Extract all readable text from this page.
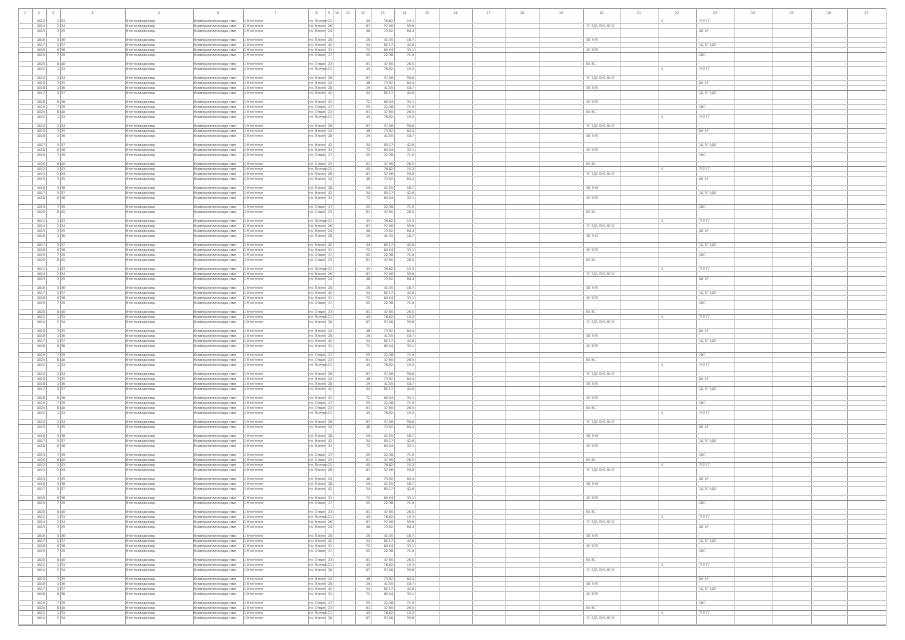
1	2	3	4	5	6	7	8	9	10	11	12	13	14	15	16	17	18	19	20	21	22	23	24	25	26	27
4012	1 33	Ктлгнсзвлдкзхвр	Ксвмлрсмнзлсмлдрс пвм	1 Ктлгнзтм	тл. Пнлтрп 21	45	76.82	15.3	4	7ГП ГГ
4014	2 34	Ктлгнсзвлдкзхвр	Ксвмлрсмнзлсмлдрс пвм	1 Ктлгнзтм	тл. Нлспп 26	67	57.06	59.8	7С ТДС ПНС ВСЛ
4015	3 35	Ктлгнсзвлдкзхвр	Ксвмлрсмнзлсмлдрс пвм	1 Ктлгнзтм	тл. Нлспп 24	48	73.92	64.4	8И 1Р
4016	4 36	Ктлгнсзвлдкзхвр	Ксвмлрсмнзлсмлдрс пвм	1 Ктлгнзтм	тл. Плспп 28	29	41.55	18.7	3В 7НП
4017	5 37	Ктлгнсзвлдкзхвр	Ксвмлрсмнзлсмлдрс пвм	1 Ктлгнзтм	тл. Нлспп 42	34	85.17	42.6	1Д 3Г 5ДЛ
4018	6 38	Ктлгнсзвлдкзхвр	Ксвмлрсмнзлсмлдрс пвм	1 Ктлгнзтм	тл. Нлспп 31	72	60.04	33.1	4П 5ПП
4019	7 39	Ктлгнсзвлдкзхвр	Ксвмлрсмнзлсмлдрс пвм	1 Ктлгнзтм	тл. Стврп 17	55	22.38	71.9	2ВС
4020	8 40	Ктлгнсзвлдкзхвр	Ксвмлрсмнзлсмлдрс пвм	1 Ктлгнзтм	тл. Стврп 23	61	47.90	26.5	6Л 8С
4012	1 33	Ктлгнсзвлдкзхвр	Ксвмлрсмнзлсмлдрс пвм	1 Ктлгнзтм	тл. Пнлтрп 21	45	76.82	15.3	4	7ГП ГГ
4014	2 34	Ктлгнсзвлдкзхвр	Ксвмлрсмнзлсмлдрс пвм	1 Ктлгнзтм	тл. Нлспп 26	67	57.06	59.8	7С ТДС ПНС ВСЛ
4015	3 35	Ктлгнсзвлдкзхвр	Ксвмлрсмнзлсмлдрс пвм	1 Ктлгнзтм	тл. Нлспп 24	48	73.92	64.4	8И 1Р
4016	4 36	Ктлгнсзвлдкзхвр	Ксвмлрсмнзлсмлдрс пвм	1 Ктлгнзтм	тл. Плспп 28	29	41.55	18.7	3В 7НП
4017	5 37	Ктлгнсзвлдкзхвр	Ксвмлрсмнзлсмлдрс пвм	1 Ктлгнзтм	тл. Нлспп 42	34	85.17	42.6	1Д 3Г 5ДЛ
4018	6 38	Ктлгнсзвлдкзхвр	Ксвмлрсмнзлсмлдрс пвм	1 Ктлгнзтм	тл. Нлспп 31	72	60.04	33.1	4П 5ПП
4019	7 39	Ктлгнсзвлдкзхвр	Ксвмлрсмнзлсмлдрс пвм	1 Ктлгнзтм	тл. Стврп 17	55	22.38	71.9	2ВС
4020	8 40	Ктлгнсзвлдкзхвр	Ксвмлрсмнзлсмлдрс пвм	1 Ктлгнзтм	тл. Стврп 23	61	47.90	26.5	6Л 8С
4012	1 33	Ктлгнсзвлдкзхвр	Ксвмлрсмнзлсмлдрс пвм	1 Ктлгнзтм	тл. Пнлтрп 21	45	76.82	15.3	4	7ГП ГГ
4014	2 34	Ктлгнсзвлдкзхвр	Ксвмлрсмнзлсмлдрс пвм	1 Ктлгнзтм	тл. Нлспп 26	67	57.06	59.8	7С ТДС ПНС ВСЛ
4015	3 35	Ктлгнсзвлдкзхвр	Ксвмлрсмнзлсмлдрс пвм	1 Ктлгнзтм	тл. Нлспп 24	48	73.92	64.4	8И 1Р
4016	4 36	Ктлгнсзвлдкзхвр	Ксвмлрсмнзлсмлдрс пвм	1 Ктлгнзтм	тл. Плспп 28	29	41.55	18.7	3В 7НП
4017	5 37	Ктлгнсзвлдкзхвр	Ксвмлрсмнзлсмлдрс пвм	1 Ктлгнзтм	тл. Нлспп 42	34	85.17	42.6	1Д 3Г 5ДЛ
4018	6 38	Ктлгнсзвлдкзхвр	Ксвмлрсмнзлсмлдрс пвм	1 Ктлгнзтм	тл. Нлспп 31	72	60.04	33.1	4П 5ПП
4019	7 39	Ктлгнсзвлдкзхвр	Ксвмлрсмнзлсмлдрс пвм	1 Ктлгнзтм	тл. Стврп 17	55	22.38	71.9	2ВС
4020	8 40	Ктлгнсзвлдкзхвр	Ксвмлрсмнзлсмлдрс пвм	1 Ктлгнзтм	тл. Стврп 23	61	47.90	26.5	6Л 8С
4012	1 33	Ктлгнсзвлдкзхвр	Ксвмлрсмнзлсмлдрс пвм	1 Ктлгнзтм	тл. Пнлтрп 21	45	76.82	15.3	4	7ГП ГГ
4014	2 34	Ктлгнсзвлдкзхвр	Ксвмлрсмнзлсмлдрс пвм	1 Ктлгнзтм	тл. Нлспп 26	67	57.06	59.8	7С ТДС ПНС ВСЛ
4015	3 35	Ктлгнсзвлдкзхвр	Ксвмлрсмнзлсмлдрс пвм	1 Ктлгнзтм	тл. Нлспп 24	48	73.92	64.4	8И 1Р
4016	4 36	Ктлгнсзвлдкзхвр	Ксвмлрсмнзлсмлдрс пвм	1 Ктлгнзтм	тл. Плспп 28	29	41.55	18.7	3В 7НП
4017	5 37	Ктлгнсзвлдкзхвр	Ксвмлрсмнзлсмлдрс пвм	1 Ктлгнзтм	тл. Нлспп 42	34	85.17	42.6	1Д 3Г 5ДЛ
4018	6 38	Ктлгнсзвлдкзхвр	Ксвмлрсмнзлсмлдрс пвм	1 Ктлгнзтм	тл. Нлспп 31	72	60.04	33.1	4П 5ПП
4019	7 39	Ктлгнсзвлдкзхвр	Ксвмлрсмнзлсмлдрс пвм	1 Ктлгнзтм	тл. Стврп 17	55	22.38	71.9	2ВС
4020	8 40	Ктлгнсзвлдкзхвр	Ксвмлрсмнзлсмлдрс пвм	1 Ктлгнзтм	тл. Стврп 23	61	47.90	26.5	6Л 8С
4012	1 33	Ктлгнсзвлдкзхвр	Ксвмлрсмнзлсмлдрс пвм	1 Ктлгнзтм	тл. Пнлтрп 21	45	76.82	15.3	4	7ГП ГГ
4014	2 34	Ктлгнсзвлдкзхвр	Ксвмлрсмнзлсмлдрс пвм	1 Ктлгнзтм	тл. Нлспп 26	67	57.06	59.8	7С ТДС ПНС ВСЛ
4015	3 35	Ктлгнсзвлдкзхвр	Ксвмлрсмнзлсмлдрс пвм	1 Ктлгнзтм	тл. Нлспп 24	48	73.92	64.4	8И 1Р
4016	4 36	Ктлгнсзвлдкзхвр	Ксвмлрсмнзлсмлдрс пвм	1 Ктлгнзтм	тл. Плспп 28	29	41.55	18.7	3В 7НП
4017	5 37	Ктлгнсзвлдкзхвр	Ксвмлрсмнзлсмлдрс пвм	1 Ктлгнзтм	тл. Нлспп 42	34	85.17	42.6	1Д 3Г 5ДЛ
4018	6 38	Ктлгнсзвлдкзхвр	Ксвмлрсмнзлсмлдрс пвм	1 Ктлгнзтм	тл. Нлспп 31	72	60.04	33.1	4П 5ПП
4019	7 39	Ктлгнсзвлдкзхвр	Ксвмлрсмнзлсмлдрс пвм	1 Ктлгнзтм	тл. Стврп 17	55	22.38	71.9	2ВС
4020	8 40	Ктлгнсзвлдкзхвр	Ксвмлрсмнзлсмлдрс пвм	1 Ктлгнзтм	тл. Стврп 23	61	47.90	26.5	6Л 8С
4012	1 33	Ктлгнсзвлдкзхвр	Ксвмлрсмнзлсмлдрс пвм	1 Ктлгнзтм	тл. Пнлтрп 21	45	76.82	15.3	4	7ГП ГГ
4014	2 34	Ктлгнсзвлдкзхвр	Ксвмлрсмнзлсмлдрс пвм	1 Ктлгнзтм	тл. Нлспп 26	67	57.06	59.8	7С ТДС ПНС ВСЛ
4015	3 35	Ктлгнсзвлдкзхвр	Ксвмлрсмнзлсмлдрс пвм	1 Ктлгнзтм	тл. Нлспп 24	48	73.92	64.4	8И 1Р
4016	4 36	Ктлгнсзвлдкзхвр	Ксвмлрсмнзлсмлдрс пвм	1 Ктлгнзтм	тл. Плспп 28	29	41.55	18.7	3В 7НП
4017	5 37	Ктлгнсзвлдкзхвр	Ксвмлрсмнзлсмлдрс пвм	1 Ктлгнзтм	тл. Нлспп 42	34	85.17	42.6	1Д 3Г 5ДЛ
4018	6 38	Ктлгнсзвлдкзхвр	Ксвмлрсмнзлсмлдрс пвм	1 Ктлгнзтм	тл. Нлспп 31	72	60.04	33.1	4П 5ПП
4019	7 39	Ктлгнсзвлдкзхвр	Ксвмлрсмнзлсмлдрс пвм	1 Ктлгнзтм	тл. Стврп 17	55	22.38	71.9	2ВС
4020	8 40	Ктлгнсзвлдкзхвр	Ксвмлрсмнзлсмлдрс пвм	1 Ктлгнзтм	тл. Стврп 23	61	47.90	26.5	6Л 8С
4012	1 33	Ктлгнсзвлдкзхвр	Ксвмлрсмнзлсмлдрс пвм	1 Ктлгнзтм	тл. Пнлтрп 21	45	76.82	15.3	4	7ГП ГГ
4014	2 34	Ктлгнсзвлдкзхвр	Ксвмлрсмнзлсмлдрс пвм	1 Ктлгнзтм	тл. Нлспп 26	67	57.06	59.8	7С ТДС ПНС ВСЛ
4015	3 35	Ктлгнсзвлдкзхвр	Ксвмлрсмнзлсмлдрс пвм	1 Ктлгнзтм	тл. Нлспп 24	48	73.92	64.4	8И 1Р
4016	4 36	Ктлгнсзвлдкзхвр	Ксвмлрсмнзлсмлдрс пвм	1 Ктлгнзтм	тл. Плспп 28	29	41.55	18.7	3В 7НП
4017	5 37	Ктлгнсзвлдкзхвр	Ксвмлрсмнзлсмлдрс пвм	1 Ктлгнзтм	тл. Нлспп 42	34	85.17	42.6	1Д 3Г 5ДЛ
4018	6 38	Ктлгнсзвлдкзхвр	Ксвмлрсмнзлсмлдрс пвм	1 Ктлгнзтм	тл. Нлспп 31	72	60.04	33.1	4П 5ПП
4019	7 39	Ктлгнсзвлдкзхвр	Ксвмлрсмнзлсмлдрс пвм	1 Ктлгнзтм	тл. Стврп 17	55	22.38	71.9	2ВС
4020	8 40	Ктлгнсзвлдкзхвр	Ксвмлрсмнзлсмлдрс пвм	1 Ктлгнзтм	тл. Стврп 23	61	47.90	26.5	6Л 8С
4012	1 33	Ктлгнсзвлдкзхвр	Ксвмлрсмнзлсмлдрс пвм	1 Ктлгнзтм	тл. Пнлтрп 21	45	76.82	15.3	4	7ГП ГГ
4014	2 34	Ктлгнсзвлдкзхвр	Ксвмлрсмнзлсмлдрс пвм	1 Ктлгнзтм	тл. Нлспп 26	67	57.06	59.8	7С ТДС ПНС ВСЛ
4015	3 35	Ктлгнсзвлдкзхвр	Ксвмлрсмнзлсмлдрс пвм	1 Ктлгнзтм	тл. Нлспп 24	48	73.92	64.4	8И 1Р
4016	4 36	Ктлгнсзвлдкзхвр	Ксвмлрсмнзлсмлдрс пвм	1 Ктлгнзтм	тл. Плспп 28	29	41.55	18.7	3В 7НП
4017	5 37	Ктлгнсзвлдкзхвр	Ксвмлрсмнзлсмлдрс пвм	1 Ктлгнзтм	тл. Нлспп 42	34	85.17	42.6	1Д 3Г 5ДЛ
4018	6 38	Ктлгнсзвлдкзхвр	Ксвмлрсмнзлсмлдрс пвм	1 Ктлгнзтм	тл. Нлспп 31	72	60.04	33.1	4П 5ПП
4019	7 39	Ктлгнсзвлдкзхвр	Ксвмлрсмнзлсмлдрс пвм	1 Ктлгнзтм	тл. Стврп 17	55	22.38	71.9	2ВС
4020	8 40	Ктлгнсзвлдкзхвр	Ксвмлрсмнзлсмлдрс пвм	1 Ктлгнзтм	тл. Стврп 23	61	47.90	26.5	6Л 8С
4012	1 33	Ктлгнсзвлдкзхвр	Ксвмлрсмнзлсмлдрс пвм	1 Ктлгнзтм	тл. Пнлтрп 21	45	76.82	15.3	4	7ГП ГГ
4014	2 34	Ктлгнсзвлдкзхвр	Ксвмлрсмнзлсмлдрс пвм	1 Ктлгнзтм	тл. Нлспп 26	67	57.06	59.8	7С ТДС ПНС ВСЛ
4015	3 35	Ктлгнсзвлдкзхвр	Ксвмлрсмнзлсмлдрс пвм	1 Ктлгнзтм	тл. Нлспп 24	48	73.92	64.4	8И 1Р
4016	4 36	Ктлгнсзвлдкзхвр	Ксвмлрсмнзлсмлдрс пвм	1 Ктлгнзтм	тл. Плспп 28	29	41.55	18.7	3В 7НП
4017	5 37	Ктлгнсзвлдкзхвр	Ксвмлрсмнзлсмлдрс пвм	1 Ктлгнзтм	тл. Нлспп 42	34	85.17	42.6	1Д 3Г 5ДЛ
4018	6 38	Ктлгнсзвлдкзхвр	Ксвмлрсмнзлсмлдрс пвм	1 Ктлгнзтм	тл. Нлспп 31	72	60.04	33.1	4П 5ПП
4019	7 39	Ктлгнсзвлдкзхвр	Ксвмлрсмнзлсмлдрс пвм	1 Ктлгнзтм	тл. Стврп 17	55	22.38	71.9	2ВС
4020	8 40	Ктлгнсзвлдкзхвр	Ксвмлрсмнзлсмлдрс пвм	1 Ктлгнзтм	тл. Стврп 23	61	47.90	26.5	6Л 8С
4012	1 33	Ктлгнсзвлдкзхвр	Ксвмлрсмнзлсмлдрс пвм	1 Ктлгнзтм	тл. Пнлтрп 21	45	76.82	15.3	4	7ГП ГГ
4014	2 34	Ктлгнсзвлдкзхвр	Ксвмлрсмнзлсмлдрс пвм	1 Ктлгнзтм	тл. Нлспп 26	67	57.06	59.8	7С ТДС ПНС ВСЛ
4015	3 35	Ктлгнсзвлдкзхвр	Ксвмлрсмнзлсмлдрс пвм	1 Ктлгнзтм	тл. Нлспп 24	48	73.92	64.4	8И 1Р
4016	4 36	Ктлгнсзвлдкзхвр	Ксвмлрсмнзлсмлдрс пвм	1 Ктлгнзтм	тл. Плспп 28	29	41.55	18.7	3В 7НП
4017	5 37	Ктлгнсзвлдкзхвр	Ксвмлрсмнзлсмлдрс пвм	1 Ктлгнзтм	тл. Нлспп 42	34	85.17	42.6	1Д 3Г 5ДЛ
4018	6 38	Ктлгнсзвлдкзхвр	Ксвмлрсмнзлсмлдрс пвм	1 Ктлгнзтм	тл. Нлспп 31	72	60.04	33.1	4П 5ПП
4019	7 39	Ктлгнсзвлдкзхвр	Ксвмлрсмнзлсмлдрс пвм	1 Ктлгнзтм	тл. Стврп 17	55	22.38	71.9	2ВС
4020	8 40	Ктлгнсзвлдкзхвр	Ксвмлрсмнзлсмлдрс пвм	1 Ктлгнзтм	тл. Стврп 23	61	47.90	26.5	6Л 8С
4012	1 33	Ктлгнсзвлдкзхвр	Ксвмлрсмнзлсмлдрс пвм	1 Ктлгнзтм	тл. Пнлтрп 21	45	76.82	15.3	4	7ГП ГГ
4014	2 34	Ктлгнсзвлдкзхвр	Ксвмлрсмнзлсмлдрс пвм	1 Ктлгнзтм	тл. Нлспп 26	67	57.06	59.8	7С ТДС ПНС ВСЛ
4015	3 35	Ктлгнсзвлдкзхвр	Ксвмлрсмнзлсмлдрс пвм	1 Ктлгнзтм	тл. Нлспп 24	48	73.92	64.4	8И 1Р
4016	4 36	Ктлгнсзвлдкзхвр	Ксвмлрсмнзлсмлдрс пвм	1 Ктлгнзтм	тл. Плспп 28	29	41.55	18.7	3В 7НП
4017	5 37	Ктлгнсзвлдкзхвр	Ксвмлрсмнзлсмлдрс пвм	1 Ктлгнзтм	тл. Нлспп 42	34	85.17	42.6	1Д 3Г 5ДЛ
4018	6 38	Ктлгнсзвлдкзхвр	Ксвмлрсмнзлсмлдрс пвм	1 Ктлгнзтм	тл. Нлспп 31	72	60.04	33.1	4П 5ПП
4019	7 39	Ктлгнсзвлдкзхвр	Ксвмлрсмнзлсмлдрс пвм	1 Ктлгнзтм	тл. Стврп 17	55	22.38	71.9	2ВС
4020	8 40	Ктлгнсзвлдкзхвр	Ксвмлрсмнзлсмлдрс пвм	1 Ктлгнзтм	тл. Стврп 23	61	47.90	26.5	6Л 8С
4012	1 33	Ктлгнсзвлдкзхвр	Ксвмлрсмнзлсмлдрс пвм	1 Ктлгнзтм	тл. Пнлтрп 21	45	76.82	15.3	4	7ГП ГГ
4014	2 34	Ктлгнсзвлдкзхвр	Ксвмлрсмнзлсмлдрс пвм	1 Ктлгнзтм	тл. Нлспп 26	67	57.06	59.8	7С ТДС ПНС ВСЛ
4015	3 35	Ктлгнсзвлдкзхвр	Ксвмлрсмнзлсмлдрс пвм	1 Ктлгнзтм	тл. Нлспп 24	48	73.92	64.4	8И 1Р
4016	4 36	Ктлгнсзвлдкзхвр	Ксвмлрсмнзлсмлдрс пвм	1 Ктлгнзтм	тл. Плспп 28	29	41.55	18.7	3В 7НП
4017	5 37	Ктлгнсзвлдкзхвр	Ксвмлрсмнзлсмлдрс пвм	1 Ктлгнзтм	тл. Нлспп 42	34	85.17	42.6	1Д 3Г 5ДЛ
4018	6 38	Ктлгнсзвлдкзхвр	Ксвмлрсмнзлсмлдрс пвм	1 Ктлгнзтм	тл. Нлспп 31	72	60.04	33.1	4П 5ПП
4019	7 39	Ктлгнсзвлдкзхвр	Ксвмлрсмнзлсмлдрс пвм	1 Ктлгнзтм	тл. Стврп 17	55	22.38	71.9	2ВС
4020	8 40	Ктлгнсзвлдкзхвр	Ксвмлрсмнзлсмлдрс пвм	1 Ктлгнзтм	тл. Стврп 23	61	47.90	26.5	6Л 8С
4012	1 33	Ктлгнсзвлдкзхвр	Ксвмлрсмнзлсмлдрс пвм	1 Ктлгнзтм	тл. Пнлтрп 21	45	76.82	15.3	4	7ГП ГГ
4014	2 34	Ктлгнсзвлдкзхвр	Ксвмлрсмнзлсмлдрс пвм	1 Ктлгнзтм	тл. Нлспп 26	67	57.06	59.8	7С ТДС ПНС ВСЛ
